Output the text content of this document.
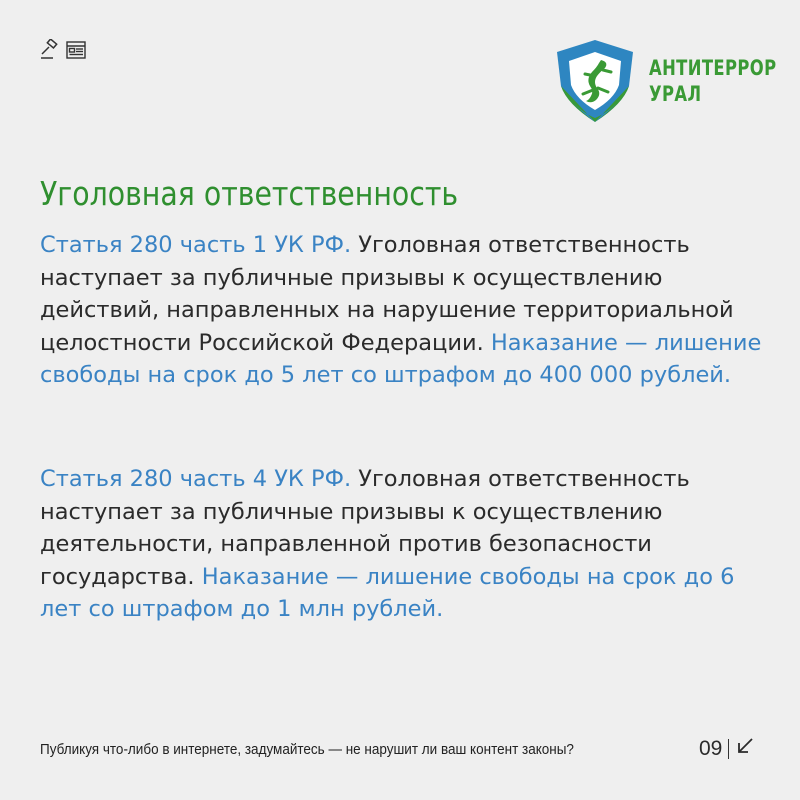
АНТИТЕРРОР
УРАЛ
Уголовная ответственность

Статья 280 часть 1 УК РФ. Уголовная ответственность наступает за публичные призывы к осуществлению действий, направленных на нарушение территориальной целостности Российской Федерации. Наказание — лишение свободы на срок до 5 лет со штрафом до 400 000 рублей.

Статья 280 часть 4 УК РФ. Уголовная ответственность наступает за публичные призывы к осуществлению деятельности, направленной против безопасности государства. Наказание — лишение свободы на срок до 6 лет со штрафом до 1 млн рублей.

Публикуя что-либо в интернете, задумайтесь — не нарушит ли ваш контент законы?	09
